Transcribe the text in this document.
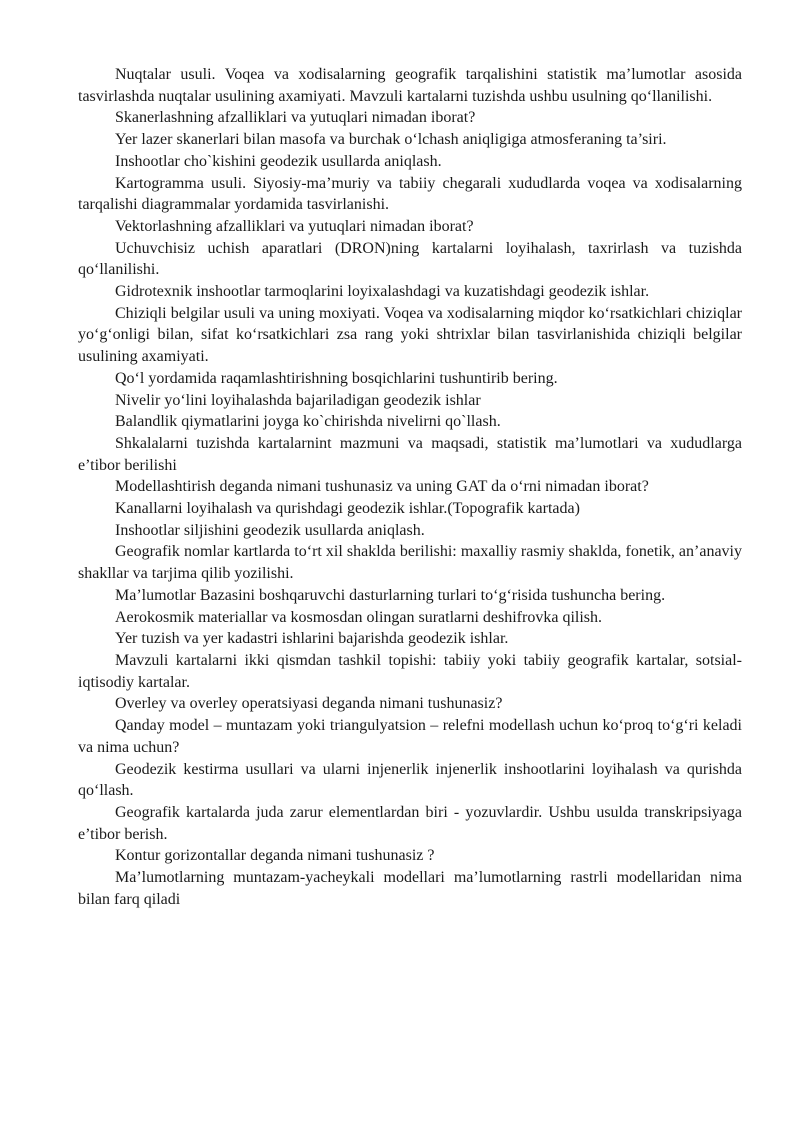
Nuqtalar usuli. Voqea va xodisalarning geografik tarqalishini statistik ma’lumotlar asosida tasvirlashda nuqtalar usulining axamiyati. Mavzuli kartalarni tuzishda ushbu usulning qo‘llanilishi.

Skanerlashning afzalliklari va yutuqlari nimadan iborat?

Yer lazer skanerlari bilan masofa va burchak o‘lchash aniqligiga atmosferaning ta’siri.

Inshootlar cho`kishini geodezik usullarda aniqlash.

Kartogramma usuli. Siyosiy-ma’muriy va tabiiy chegarali xududlarda voqea va xodisalarning tarqalishi diagrammalar yordamida tasvirlanishi.

Vektorlashning afzalliklari va yutuqlari nimadan iborat?

Uchuvchisiz uchish aparatlari (DRON)ning kartalarni loyihalash, taxrirlash va tuzishda qo‘llanilishi.

Gidrotexnik inshootlar tarmoqlarini loyixalashdagi va kuzatishdagi geodezik ishlar.

Chiziqli belgilar usuli va uning moxiyati. Voqea va xodisalarning miqdor ko‘rsatkichlari chiziqlar yo‘g‘onligi bilan, sifat ko‘rsatkichlari zsa rang yoki shtrixlar bilan tasvirlanishida chiziqli belgilar usulining axamiyati.

Qo‘l yordamida raqamlashtirishning bosqichlarini tushuntirib bering.

Nivelir yo‘lini loyihalashda bajariladigan geodezik ishlar

Balandlik qiymatlarini joyga ko`chirishda nivelirni qo`llash.

Shkalalarni tuzishda kartalarnint mazmuni va maqsadi, statistik ma’lumotlari va xududlarga e’tibor berilishi

Modellashtirish deganda nimani tushunasiz va uning GAT da o‘rni nimadan iborat?

Kanallarni loyihalash va qurishdagi geodezik ishlar.(Topografik kartada)

Inshootlar siljishini geodezik usullarda aniqlash.

Geografik nomlar kartlarda to‘rt xil shaklda berilishi: maxalliy rasmiy shaklda, fonetik, an’anaviy shakllar va tarjima qilib yozilishi.

Ma’lumotlar Bazasini boshqaruvchi dasturlarning turlari to‘g‘risida tushuncha bering.

Aerokosmik materiallar va kosmosdan olingan suratlarni deshifrovka qilish.

Yer tuzish va yer kadastri ishlarini bajarishda geodezik ishlar.

Mavzuli kartalarni ikki qismdan tashkil topishi: tabiiy yoki tabiiy geografik kartalar, sotsial-iqtisodiy kartalar.

Overley va overley operatsiyasi deganda nimani tushunasiz?

Qanday model – muntazam yoki triangulyatsion – relefni modellash uchun ko‘proq to‘g‘ri keladi va nima uchun?

Geodezik kestirma usullari va ularni injenerlik injenerlik inshootlarini loyihalash va qurishda qo‘llash.

Geografik kartalarda juda zarur elementlardan biri - yozuvlardir. Ushbu usulda transkripsiyaga e’tibor berish.

Kontur gorizontallar deganda nimani tushunasiz ?

Ma’lumotlarning muntazam-yacheykali modellari ma’lumotlarning rastrli modellaridan nima bilan farq qiladi
